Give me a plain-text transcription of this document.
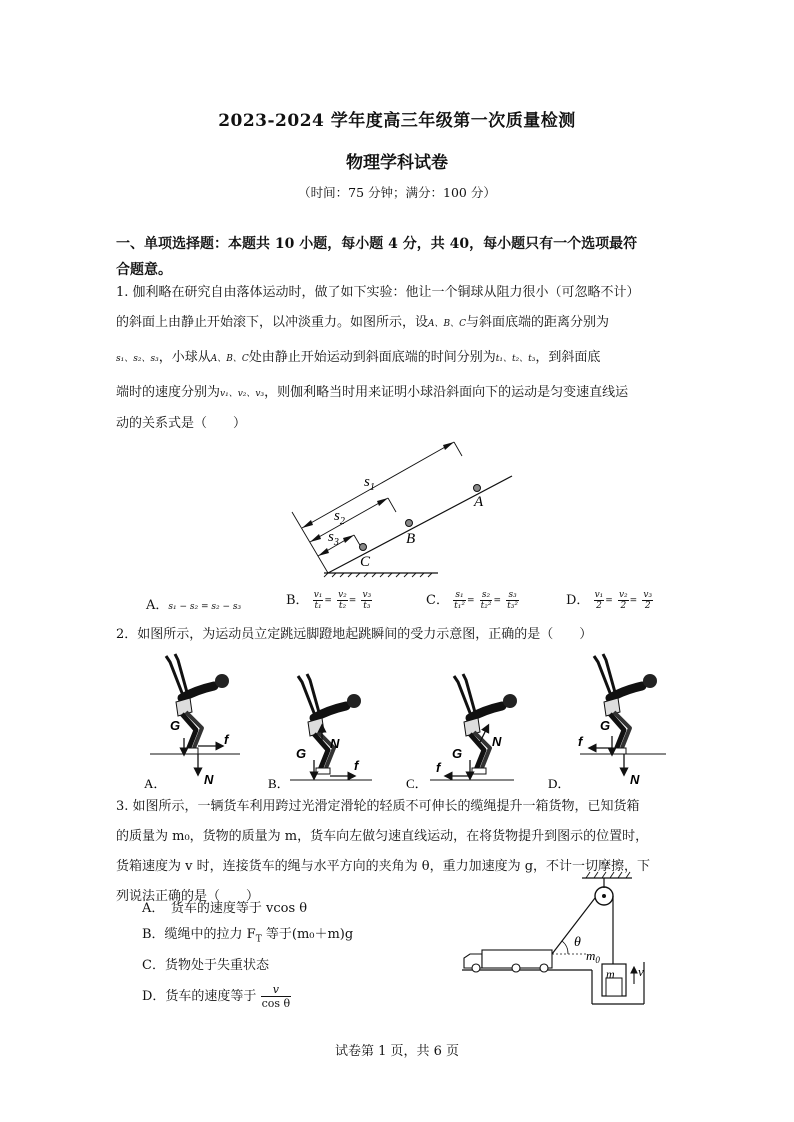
2023-2024 学年度高三年级第一次质量检测
物理学科试卷
（时间：75 分钟；满分：100 分）
一、单项选择题：本题共 10 小题，每小题 4 分，共 40，每小题只有一个选项最符
合题意。
1. 伽利略在研究自由落体运动时，做了如下实验：他让一个铜球从阻力很小（可忽略不计）
的斜面上由静止开始滚下，以冲淡重力。如图所示，设A、B、C与斜面底端的距离分别为
s₁、s₂、s₃，小球从A、B、C处由静止开始运动到斜面底端的时间分别为t₁、t₂、t₃，到斜面底
端时的速度分别为v₁、v₂、v₃，则伽利略当时用来证明小球沿斜面向下的运动是匀变速直线运
动的关系式是（　　）
$s_1$
$s_2$
$s_3$
A
B
C
A．s₁ − s₂ = s₂ − s₃	B． $\frac{\text{v₁}}{\text{t₁}} = \frac{\text{v₂}}{\text{t₂}} = \frac{\text{v₃}}{\text{t₃}}$	C． $\frac{\text{s₁}}{\text{t₁²}} = \frac{\text{s₂}}{\text{t₂²}} = \frac{\text{s₃}}{\text{t₃²}}$	D． $\frac{\text{v₁}}{2} = \frac{\text{v₂}}{2} = \frac{\text{v₃}}{2}$
2．如图所示，为运动员立定跳远脚蹬地起跳瞬间的受力示意图，正确的是（　　）
G
N
f
A．
G
N
f
B．
G
N
f
C．
G
N
f
D．
3. 如图所示，一辆货车利用跨过光滑定滑轮的轻质不可伸长的缆绳提升一箱货物，已知货箱
的质量为 m₀，货物的质量为 m，货车向左做匀速直线运动，在将货物提升到图示的位置时，
货箱速度为 v 时，连接货车的绳与水平方向的夹角为 θ，重力加速度为 g，不计一切摩擦，下
列说法正确的是（　　）
A．　货车的速度等于 vcos θ
B．缆绳中的拉力 $F_T$ 等于(m₀＋m)g
C．货物处于失重状态
D．货车的速度等于 $\frac{v}{\text{cos θ}}$
θ
m
$m_0$
v
试卷第 1 页，共 6 页
